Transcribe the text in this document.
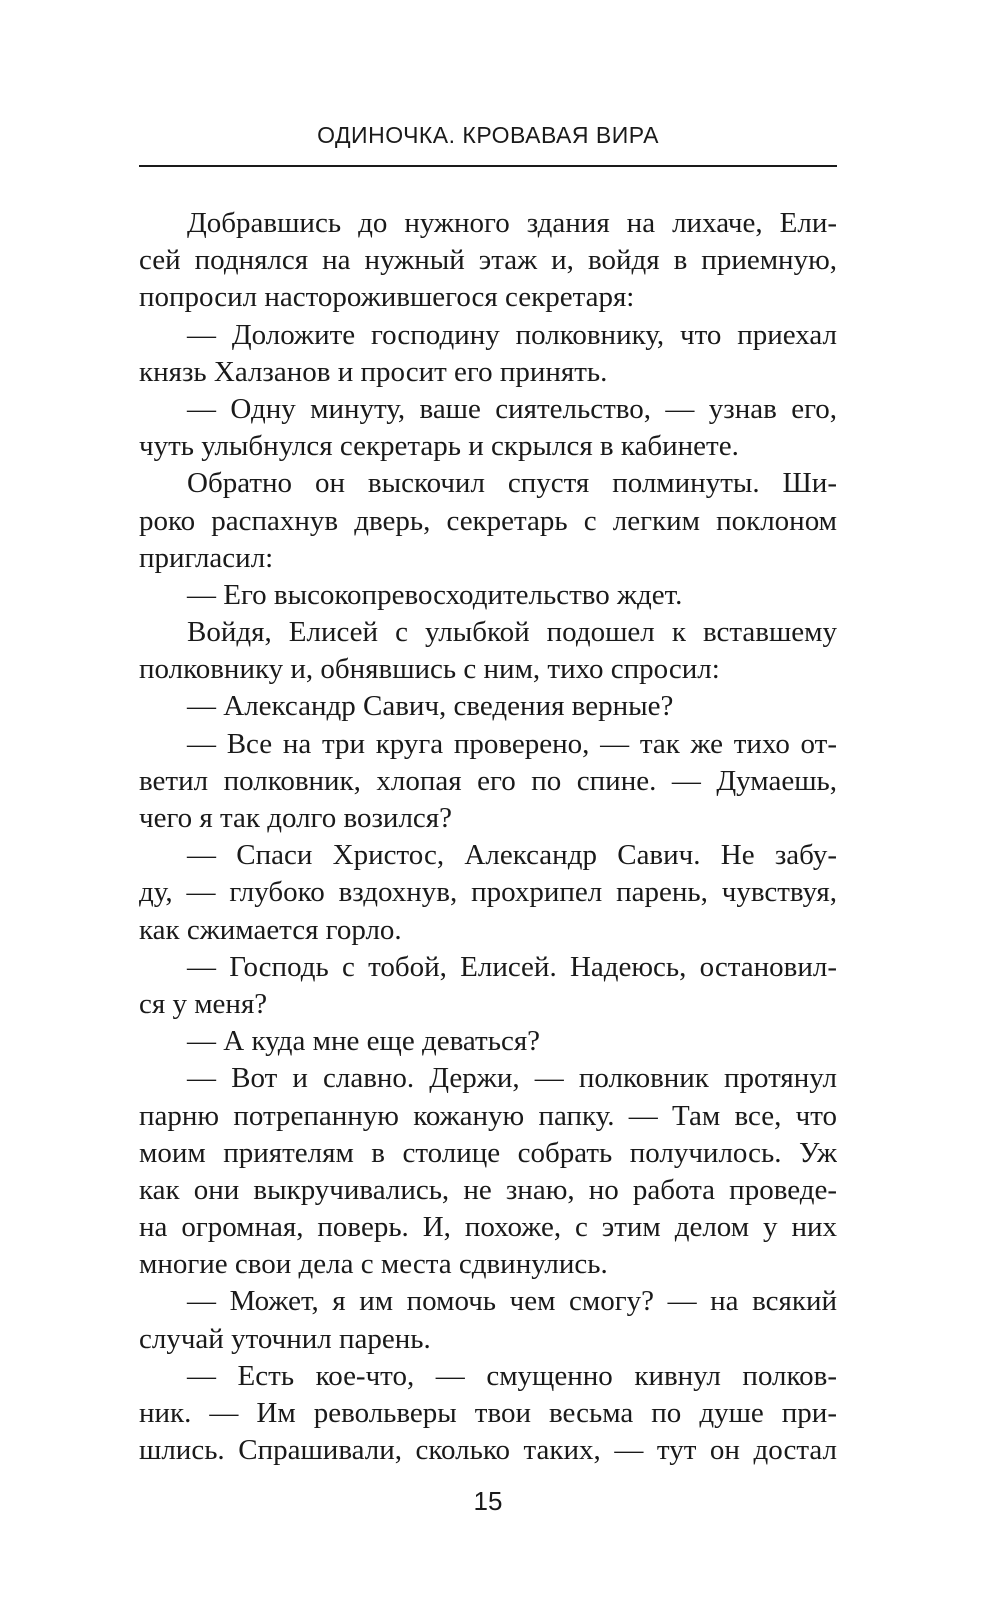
ОДИНОЧКА. КРОВАВАЯ ВИРА
Добравшись до нужного здания на лихаче, Ели-
сей поднялся на нужный этаж и, войдя в приемную,
попросил насторожившегося секретаря:
— Доложите господину полковнику, что приехал
князь Халзанов и просит его принять.
— Одну минуту, ваше сиятельство, — узнав его,
чуть улыбнулся секретарь и скрылся в кабинете.
Обратно он выскочил спустя полминуты. Ши-
роко распахнув дверь, секретарь с легким поклоном
пригласил:
— Его высокопревосходительство ждет.
Войдя, Елисей с улыбкой подошел к вставшему
полковнику и, обнявшись с ним, тихо спросил:
— Александр Савич, сведения верные?
— Все на три круга проверено, — так же тихо от-
ветил полковник, хлопая его по спине. — Думаешь,
чего я так долго возился?
— Спаси Христос, Александр Савич. Не забу-
ду, — глубоко вздохнув, прохрипел парень, чувствуя,
как сжимается горло.
— Господь с тобой, Елисей. Надеюсь, остановил-
ся у меня?
— А куда мне еще деваться?
— Вот и славно. Держи, — полковник протянул
парню потрепанную кожаную папку. — Там все, что
моим приятелям в столице собрать получилось. Уж
как они выкручивались, не знаю, но работа проведе-
на огромная, поверь. И, похоже, с этим делом у них
многие свои дела с места сдвинулись.
— Может, я им помочь чем смогу? — на всякий
случай уточнил парень.
— Есть кое-что, — смущенно кивнул полков-
ник. — Им револьверы твои весьма по душе при-
шлись. Спрашивали, сколько таких, — тут он достал
15
